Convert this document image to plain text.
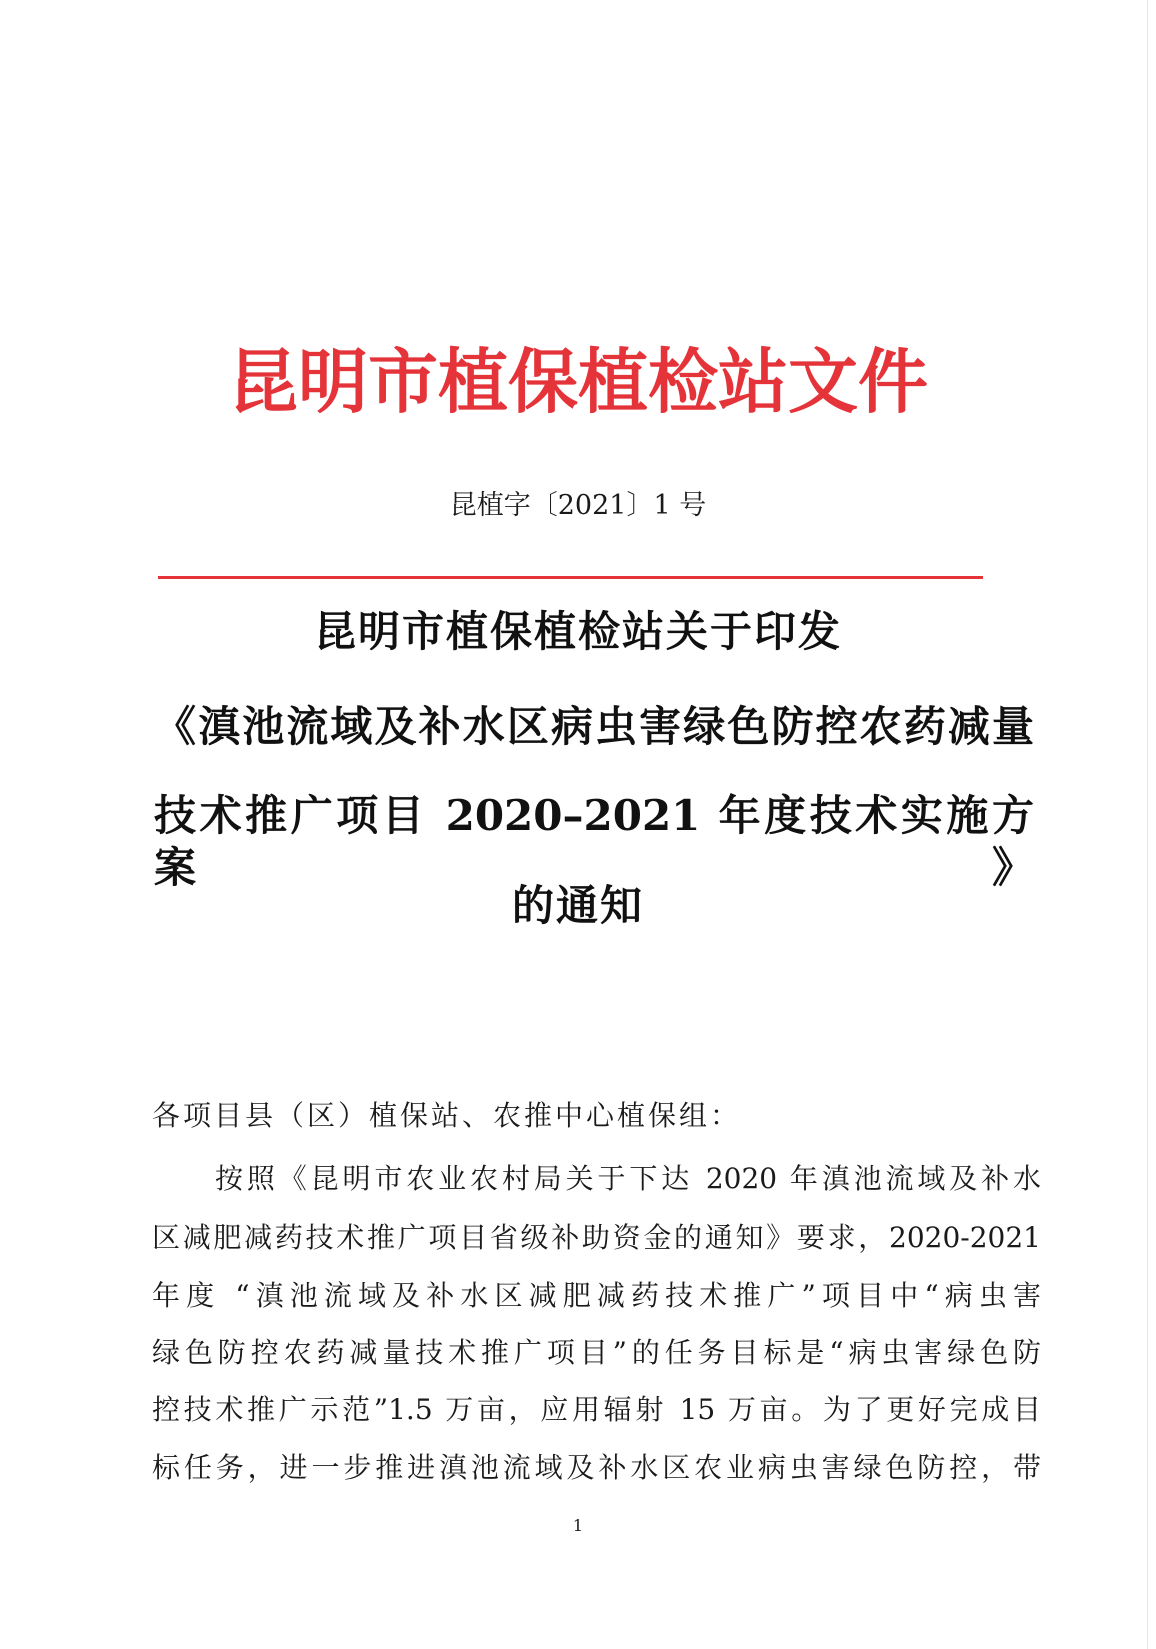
昆明市植保植检站文件
昆植字〔2021〕1 号
昆明市植保植检站关于印发
《滇池流域及补水区病虫害绿色防控农药减量
技术推广项目 2020–2021 年度技术实施方案》
的通知
各项目县（区）植保站、农推中心植保组：
按照《昆明市农业农村局关于下达 2020 年滇池流域及补水
区减肥减药技术推广项目省级补助资金的通知》要求，2020-2021
年度 “滇池流域及补水区减肥减药技术推广”项目中“病虫害
绿色防控农药减量技术推广项目”的任务目标是“病虫害绿色防
控技术推广示范”1.5 万亩，应用辐射 15 万亩。为了更好完成目
标任务，进一步推进滇池流域及补水区农业病虫害绿色防控，带
1
